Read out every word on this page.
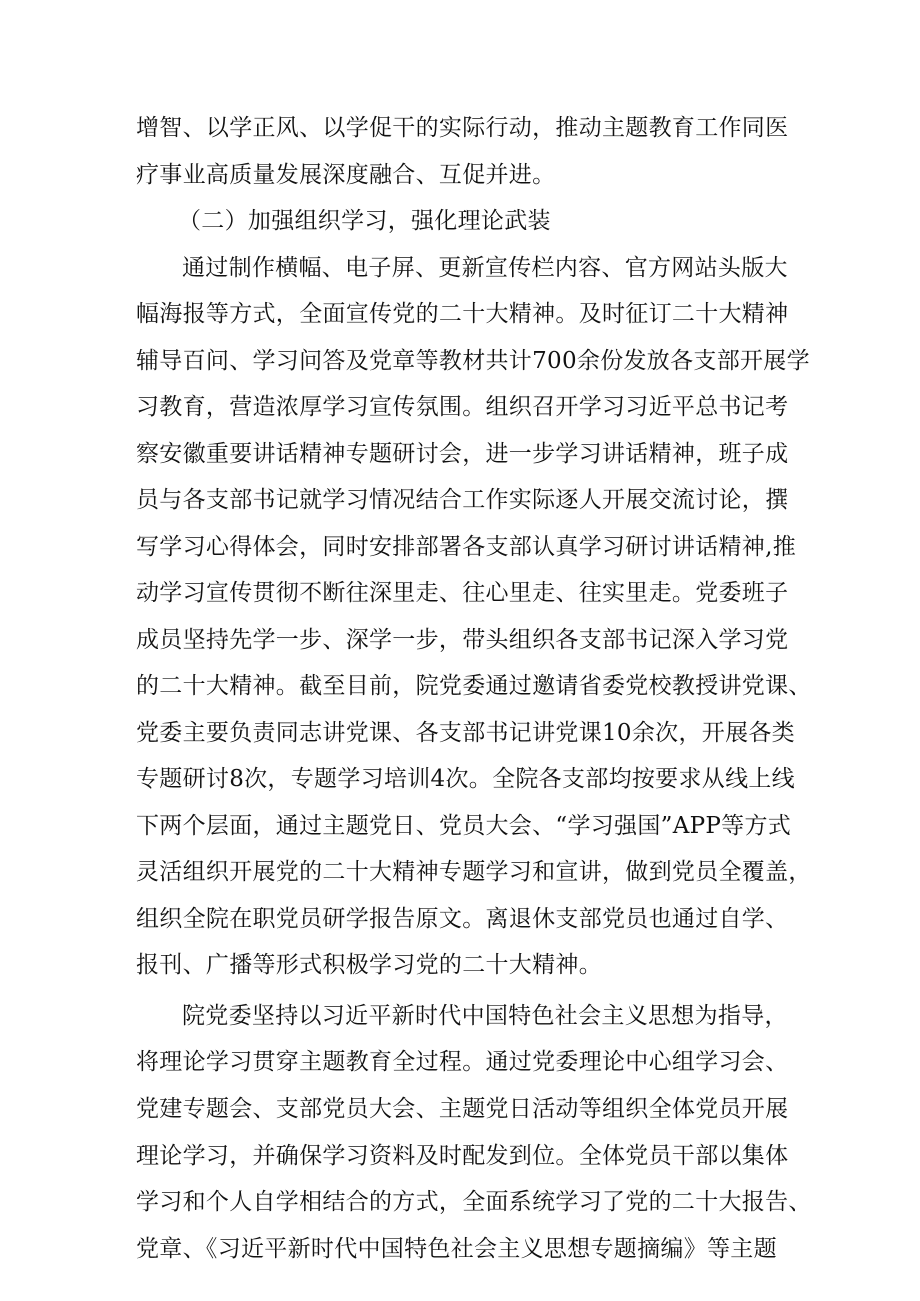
增智、以学正风、以学促干的实际行动，推动主题教育工作同医

疗事业高质量发展深度融合、互促并进。

（二）加强组织学习，强化理论武装

通过制作横幅、电子屏、更新宣传栏内容、官方网站头版大

幅海报等方式，全面宣传党的二十大精神。及时征订二十大精神

辅导百问、学习问答及党章等教材共计700余份发放各支部开展学

习教育，营造浓厚学习宣传氛围。组织召开学习习近平总书记考

察安徽重要讲话精神专题研讨会，进一步学习讲话精神，班子成

员与各支部书记就学习情况结合工作实际逐人开展交流讨论，撰

写学习心得体会，同时安排部署各支部认真学习研讨讲话精神,推

动学习宣传贯彻不断往深里走、往心里走、往实里走。党委班子

成员坚持先学一步、深学一步，带头组织各支部书记深入学习党

的二十大精神。截至目前，院党委通过邀请省委党校教授讲党课、

党委主要负责同志讲党课、各支部书记讲党课10余次，开展各类

专题研讨8次，专题学习培训4次。全院各支部均按要求从线上线

下两个层面，通过主题党日、党员大会、“学习强国”APP等方式

灵活组织开展党的二十大精神专题学习和宣讲，做到党员全覆盖，

组织全院在职党员研学报告原文。离退休支部党员也通过自学、

报刊、广播等形式积极学习党的二十大精神。

院党委坚持以习近平新时代中国特色社会主义思想为指导，

将理论学习贯穿主题教育全过程。通过党委理论中心组学习会、

党建专题会、支部党员大会、主题党日活动等组织全体党员开展

理论学习，并确保学习资料及时配发到位。全体党员干部以集体

学习和个人自学相结合的方式，全面系统学习了党的二十大报告、

党章、《习近平新时代中国特色社会主义思想专题摘编》等主题
